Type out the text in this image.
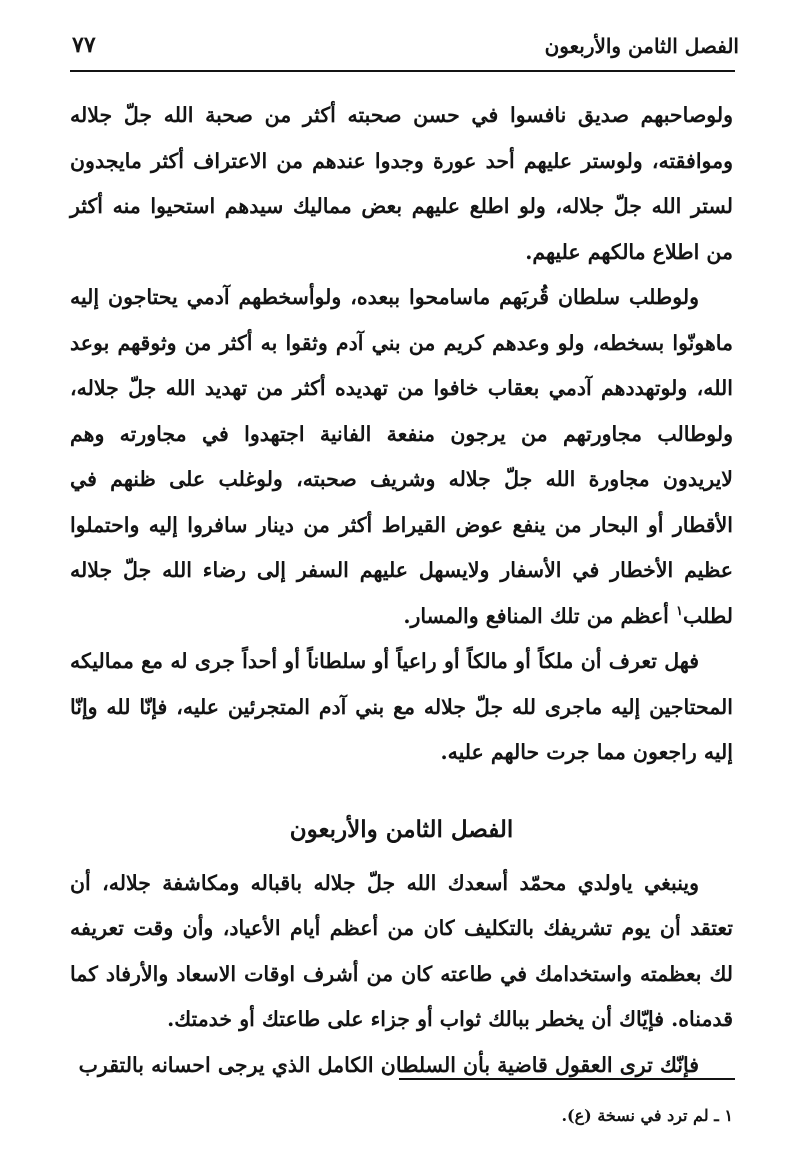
الفصل الثامن والأربعون
٧٧

ولوصاحبهم صديق نافسوا في حسن صحبته أكثر من صحبة الله جلّ جلاله وموافقته، ولوستر عليهم أحد عورة وجدوا عندهم من الاعتراف أكثر مايجدون لستر الله جلّ جلاله، ولو اطلع عليهم بعض مماليك سيدهم استحيوا منه أكثر من اطلاع مالكهم عليهم.

ولوطلب سلطان قُربَهم ماسامحوا ببعده، ولوأسخطهم آدمي يحتاجون إليه ماهونّوا بسخطه، ولو وعدهم كريم من بني آدم وثقوا به أكثر من وثوقهم بوعد الله، ولوتهددهم آدمي بعقاب خافوا من تهديده أكثر من تهديد الله جلّ جلاله، ولوطالب مجاورتهم من يرجون منفعة الفانية اجتهدوا في مجاورته وهم لايريدون مجاورة الله جلّ جلاله وشريف صحبته، ولوغلب على ظنهم في الأقطار أو البحار من ينفع عوض القيراط أكثر من دينار سافروا إليه واحتملوا عظيم الأخطار في الأسفار ولايسهل عليهم السفر إلى رضاء الله جلّ جلاله لطلب$^١$ أعظم من تلك المنافع والمسار.

فهل تعرف أن ملكاً أو مالكاً أو راعياً أو سلطاناً أو أحداً جرى له مع مماليكه المحتاجين إليه ماجرى لله جلّ جلاله مع بني آدم المتجرئين عليه، فإنّا لله وإنّا إليه راجعون مما جرت حالهم عليه.

الفصل الثامن والأربعون

وينبغي ياولدي محمّد أسعدك الله جلّ جلاله باقباله ومكاشفة جلاله، أن تعتقد أن يوم تشريفك بالتكليف كان من أعظم أيام الأعياد، وأن وقت تعريفه لك بعظمته واستخدامك في طاعته كان من أشرف اوقات الاسعاد والأرفاد كما قدمناه. فإيّاك أن يخطر ببالك ثواب أو جزاء على طاعتك أو خدمتك.

فإنّك ترى العقول قاضية بأن السلطان الكامل الذي يرجى احسانه بالتقرب

١ ـ لم ترد في نسخة (ع).
